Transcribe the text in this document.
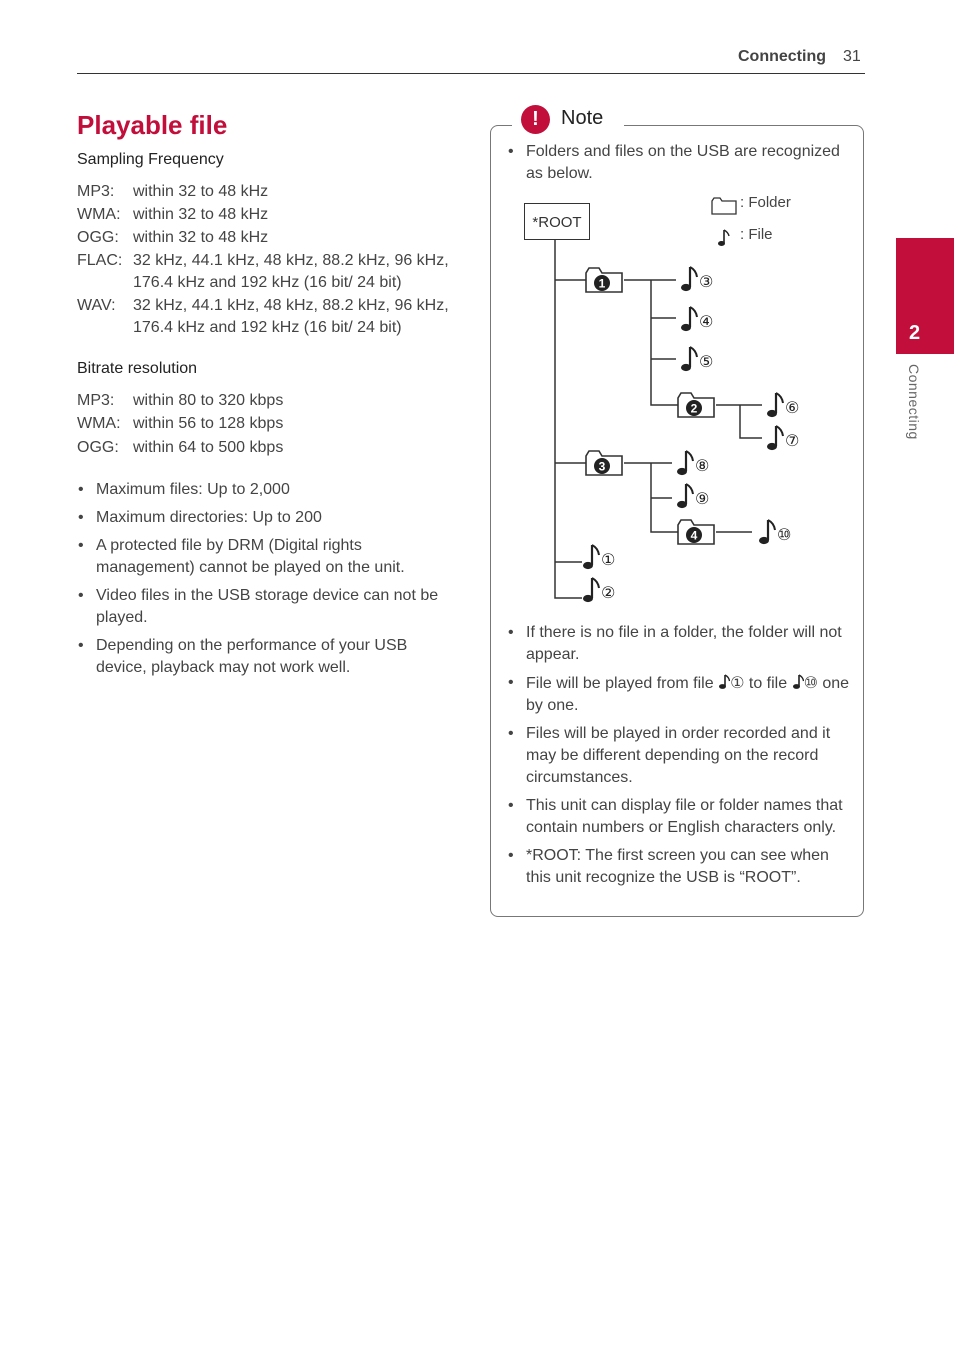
Connecting 31
2
Connecting
Playable file
Sampling Frequency
MP3: within 32 to 48 kHz
WMA: within 32 to 48 kHz
OGG: within 32 to 48 kHz
FLAC: 32 kHz, 44.1 kHz, 48 kHz, 88.2 kHz, 96 kHz, 176.4 kHz and 192 kHz (16 bit/ 24 bit)
WAV: 32 kHz, 44.1 kHz, 48 kHz, 88.2 kHz, 96 kHz, 176.4 kHz and 192 kHz (16 bit/ 24 bit)
Bitrate resolution
MP3: within 80 to 320 kbps
WMA: within 56 to 128 kbps
OGG: within 64 to 500 kbps
• Maximum files: Up to 2,000
• Maximum directories: Up to 200
• A protected file by DRM (Digital rights management) cannot be played on the unit.
• Video files in the USB storage device can not be played.
• Depending on the performance of your USB device, playback may not work well.
!	Note
• Folders and files on the USB are recognized as below.
: Folder
: File
*ROOT
1
2
3
4
①
②
③
④
⑤
⑥
⑦
⑧
⑨
⑩
• If there is no file in a folder, the folder will not appear.
• File will be played from file ① to file ⑩ one by one.
• Files will be played in order recorded and it may be different depending on the record circumstances.
• This unit can display file or folder names that contain numbers or English characters only.
• *ROOT: The first screen you can see when this unit recognize the USB is “ROOT”.
